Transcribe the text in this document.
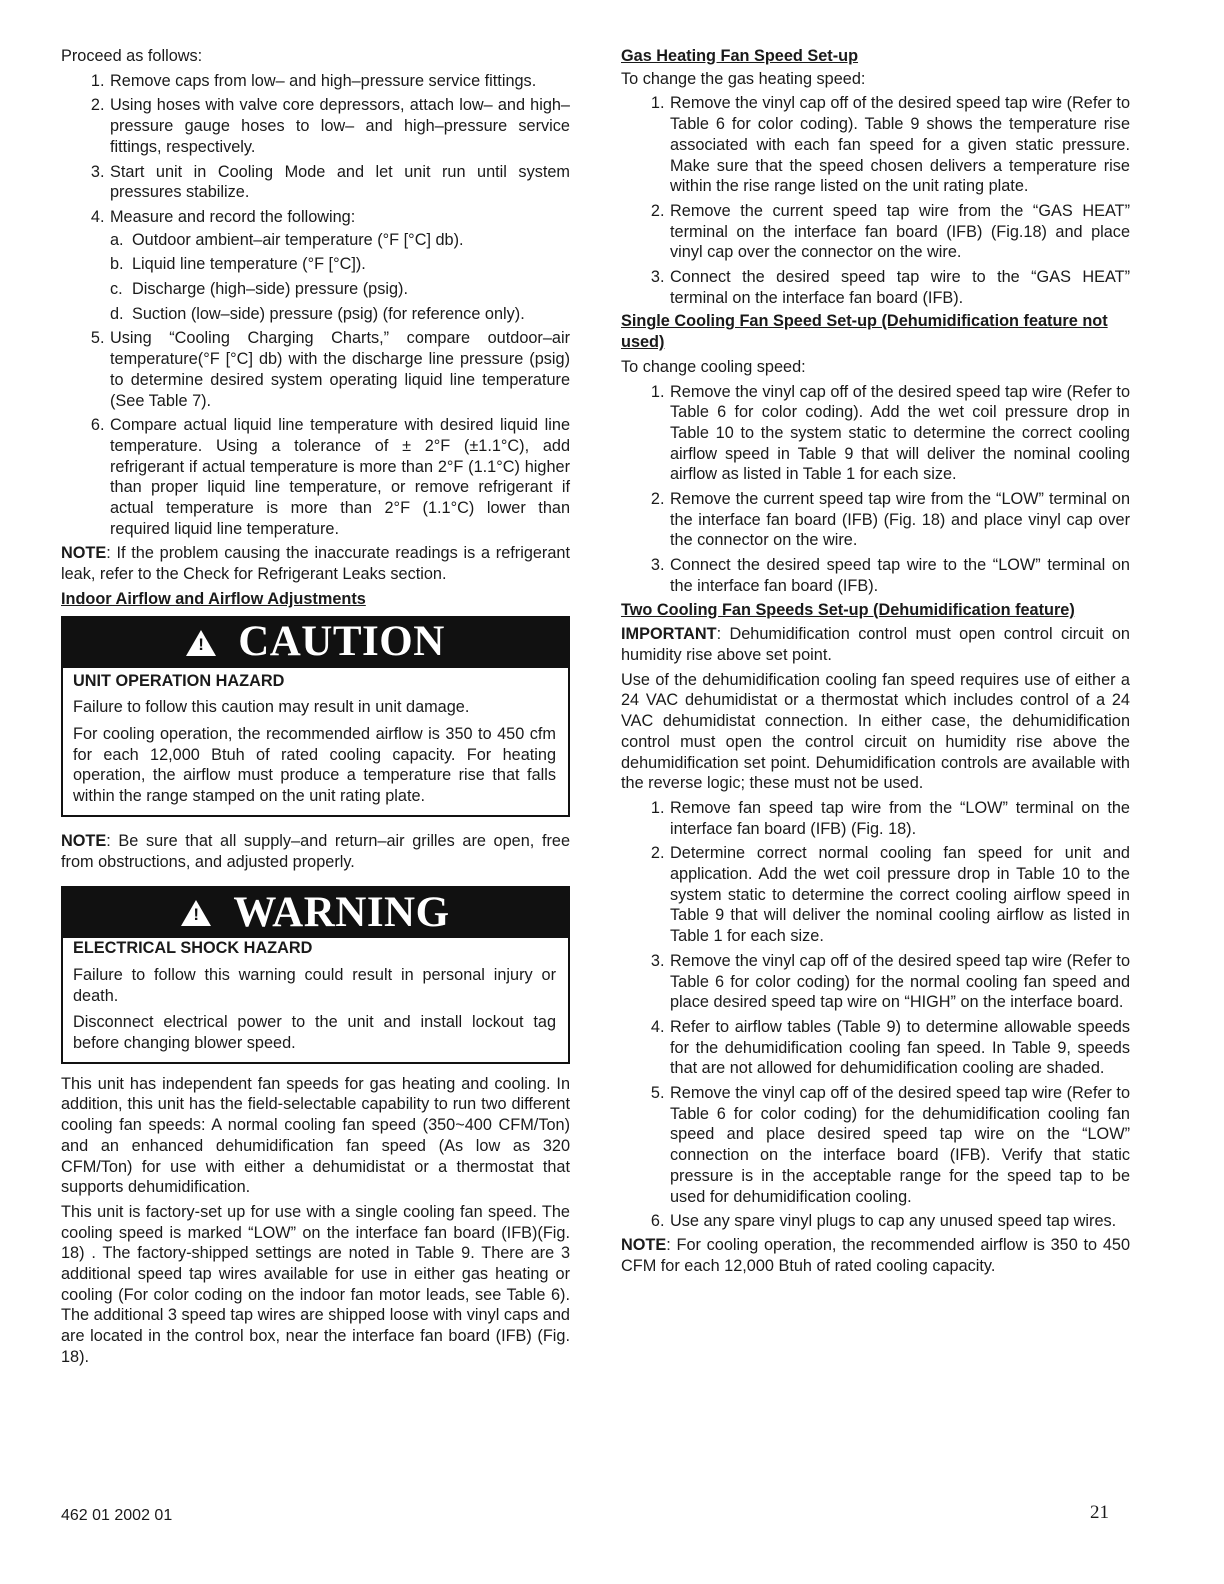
Proceed as follows:

1. Remove caps from low– and high–pressure service fittings.
2. Using hoses with valve core depressors, attach low– and high–pressure gauge hoses to low– and high–pressure service fittings, respectively.
3. Start unit in Cooling Mode and let unit run until system pressures stabilize.
4. Measure and record the following:
a. Outdoor ambient–air temperature (°F [°C] db).
b. Liquid line temperature (°F [°C]).
c. Discharge (high–side) pressure (psig).
d. Suction (low–side) pressure (psig) (for reference only).
5. Using “Cooling Charging Charts,” compare outdoor–air temperature(°F [°C] db) with the discharge line pressure (psig) to determine desired system operating liquid line temperature (See Table 7).
6. Compare actual liquid line temperature with desired liquid line temperature. Using a tolerance of ± 2°F (±1.1°C), add refrigerant if actual temperature is more than 2°F (1.1°C) higher than proper liquid line temperature, or remove refrigerant if actual temperature is more than 2°F (1.1°C) lower than required liquid line temperature.

NOTE: If the problem causing the inaccurate readings is a refrigerant leak, refer to the Check for Refrigerant Leaks section.

Indoor Airflow and Airflow Adjustments
!
CAUTION
UNIT OPERATION HAZARD

Failure to follow this caution may result in unit damage.

For cooling operation, the recommended airflow is 350 to 450 cfm for each 12,000 Btuh of rated cooling capacity. For heating operation, the airflow must produce a temperature rise that falls within the range stamped on the unit rating plate.

NOTE: Be sure that all supply–and return–air grilles are open, free from obstructions, and adjusted properly.

!
WARNING
ELECTRICAL SHOCK HAZARD

Failure to follow this warning could result in personal injury or death.

Disconnect electrical power to the unit and install lockout tag before changing blower speed.

This unit has independent fan speeds for gas heating and cooling. In addition, this unit has the field-selectable capability to run two different cooling fan speeds: A normal cooling fan speed (350~400 CFM/Ton) and an enhanced dehumidification fan speed (As low as 320 CFM/Ton) for use with either a dehumidistat or a thermostat that supports dehumidification.

This unit is factory-set up for use with a single cooling fan speed. The cooling speed is marked “LOW” on the interface fan board (IFB)(Fig. 18) . The factory-shipped settings are noted in Table 9. There are 3 additional speed tap wires available for use in either gas heating or cooling (For color coding on the indoor fan motor leads, see Table 6). The additional 3 speed tap wires are shipped loose with vinyl caps and are located in the control box, near the interface fan board (IFB) (Fig. 18).

Gas Heating Fan Speed Set-up

To change the gas heating speed:

1. Remove the vinyl cap off of the desired speed tap wire (Refer to Table 6 for color coding). Table 9 shows the temperature rise associated with each fan speed for a given static pressure. Make sure that the speed chosen delivers a temperature rise within the rise range listed on the unit rating plate.
2. Remove the current speed tap wire from the “GAS HEAT” terminal on the interface fan board (IFB) (Fig.18) and place vinyl cap over the connector on the wire.
3. Connect the desired speed tap wire to the “GAS HEAT” terminal on the interface fan board (IFB).
Single Cooling Fan Speed Set-up (Dehumidification feature not used)

To change cooling speed:

1. Remove the vinyl cap off of the desired speed tap wire (Refer to Table 6 for color coding). Add the wet coil pressure drop in Table 10 to the system static to determine the correct cooling airflow speed in Table 9 that will deliver the nominal cooling airflow as listed in Table 1 for each size.
2. Remove the current speed tap wire from the “LOW” terminal on the interface fan board (IFB) (Fig. 18) and place vinyl cap over the connector on the wire.
3. Connect the desired speed tap wire to the “LOW” terminal on the interface fan board (IFB).
Two Cooling Fan Speeds Set-up (Dehumidification feature)

IMPORTANT: Dehumidification control must open control circuit on humidity rise above set point.

Use of the dehumidification cooling fan speed requires use of either a 24 VAC dehumidistat or a thermostat which includes control of a 24 VAC dehumidistat connection. In either case, the dehumidification control must open the control circuit on humidity rise above the dehumidification set point. Dehumidification controls are available with the reverse logic; these must not be used.

1. Remove fan speed tap wire from the “LOW” terminal on the interface fan board (IFB) (Fig. 18).
2. Determine correct normal cooling fan speed for unit and application. Add the wet coil pressure drop in Table 10 to the system static to determine the correct cooling airflow speed in Table 9 that will deliver the nominal cooling airflow as listed in Table 1 for each size.
3. Remove the vinyl cap off of the desired speed tap wire (Refer to Table 6 for color coding) for the normal cooling fan speed and place desired speed tap wire on “HIGH” on the interface board.
4. Refer to airflow tables (Table 9) to determine allowable speeds for the dehumidification cooling fan speed. In Table 9, speeds that are not allowed for dehumidification cooling are shaded.
5. Remove the vinyl cap off of the desired speed tap wire (Refer to Table 6 for color coding) for the dehumidification cooling fan speed and place desired speed tap wire on the “LOW” connection on the interface board (IFB). Verify that static pressure is in the acceptable range for the speed tap to be used for dehumidification cooling.
6. Use any spare vinyl plugs to cap any unused speed tap wires.

NOTE: For cooling operation, the recommended airflow is 350 to 450 CFM for each 12,000 Btuh of rated cooling capacity.

462 01 2002 01	21
